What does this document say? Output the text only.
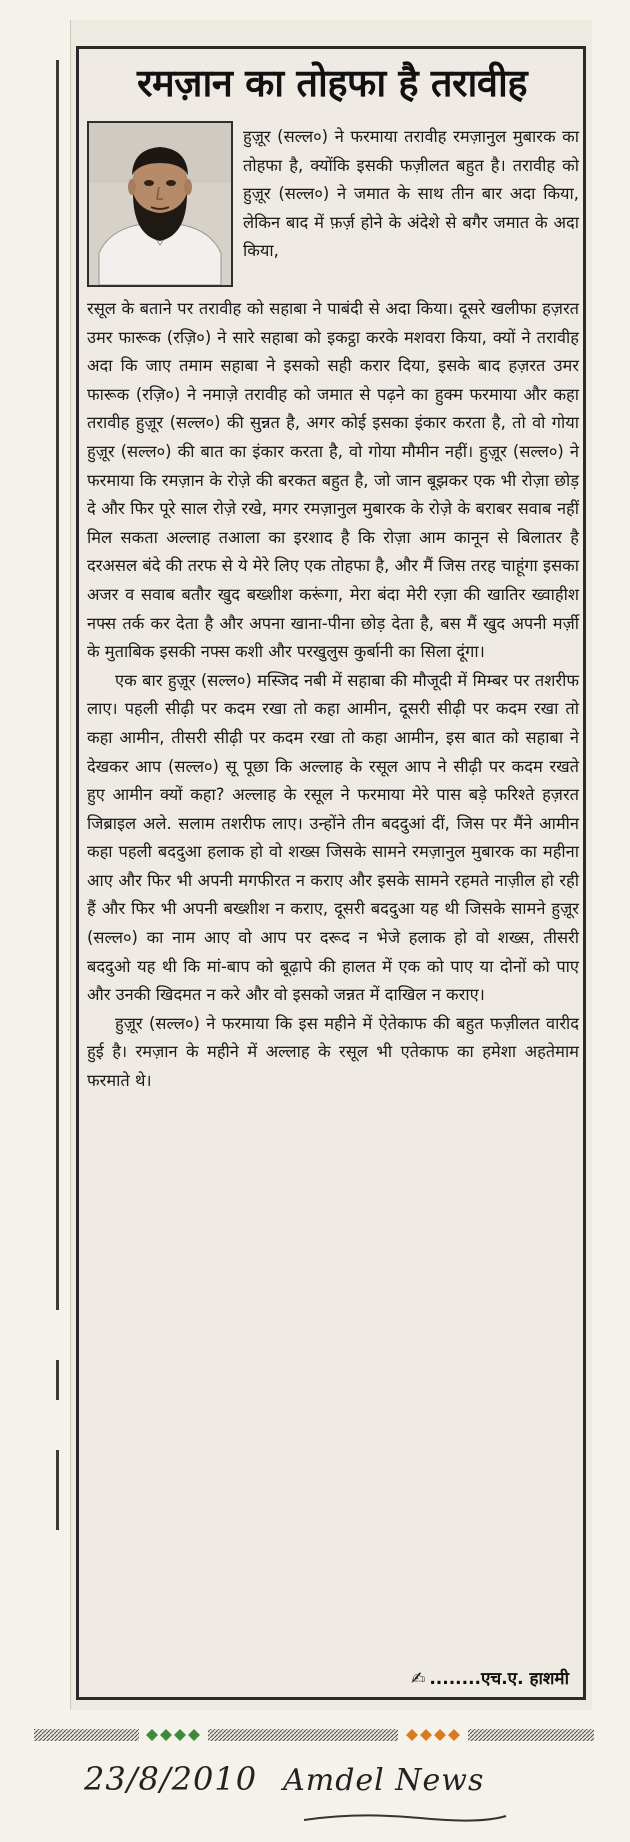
रमज़ान का तोहफा है तरावीह

हुज़ूर (सल्ल०) ने फरमाया तरावीह रमज़ानुल मुबारक का तोहफा है, क्योंकि इसकी फज़ीलत बहुत है। तरावीह को हुज़ूर (सल्ल०) ने जमात के साथ तीन बार अदा किया, लेकिन बाद में फ़र्ज़ होने के अंदेशे से बगैर जमात के अदा किया,

रसूल के बताने पर तरावीह को सहाबा ने पाबंदी से अदा किया। दूसरे खलीफा हज़रत उमर फारूक (रज़ि०) ने सारे सहाबा को इकट्ठा करके मशवरा किया, क्यों ने तरावीह अदा कि जाए तमाम सहाबा ने इसको सही करार दिया, इसके बाद हज़रत उमर फारूक (रज़ि०) ने नमाज़े तरावीह को जमात से पढ़ने का हुक्म फरमाया और कहा तरावीह हुज़ूर (सल्ल०) की सुन्नत है, अगर कोई इसका इंकार करता है, तो वो गोया हुज़ूर (सल्ल०) की बात का इंकार करता है, वो गोया मौमीन नहीं। हुज़ूर (सल्ल०) ने फरमाया कि रमज़ान के रोज़े की बरकत बहुत है, जो जान बूझकर एक भी रोज़ा छोड़ दे और फिर पूरे साल रोज़े रखे, मगर रमज़ानुल मुबारक के रोज़े के बराबर सवाब नहीं मिल सकता अल्लाह तआला का इरशाद है कि रोज़ा आम कानून से बिलातर है दरअसल बंदे की तरफ से ये मेरे लिए एक तोहफा है, और मैं जिस तरह चाहूंगा इसका अजर व सवाब बतौर खुद बख्शीश करूंगा, मेरा बंदा मेरी रज़ा की खातिर ख्वाहीश नफ्स तर्क कर देता है और अपना खाना-पीना छोड़ देता है, बस मैं खुद अपनी मर्ज़ी के मुताबिक इसकी नफ्स कशी और परखुलुस कुर्बानी का सिला दूंगा।

एक बार हुज़ूर (सल्ल०) मस्जिद नबी में सहाबा की मौजूदी में मिम्बर पर तशरीफ लाए। पहली सीढ़ी पर कदम रखा तो कहा आमीन, दूसरी सीढ़ी पर कदम रखा तो कहा आमीन, तीसरी सीढ़ी पर कदम रखा तो कहा आमीन, इस बात को सहाबा ने देखकर आप (सल्ल०) सू पूछा कि अल्लाह के रसूल आप ने सीढ़ी पर कदम रखते हुए आमीन क्यों कहा? अल्लाह के रसूल ने फरमाया मेरे पास बड़े फरिश्ते हज़रत जिब्राइल अले. सलाम तशरीफ लाए। उन्होंने तीन बददुआं दीं, जिस पर मैंने आमीन कहा पहली बददुआ हलाक हो वो शख्स जिसके सामने रमज़ानुल मुबारक का महीना आए और फिर भी अपनी मगफीरत न कराए और इसके सामने रहमते नाज़ील हो रही हैं और फिर भी अपनी बख्शीश न कराए, दूसरी बददुआ यह थी जिसके सामने हुज़ूर (सल्ल०) का नाम आए वो आप पर दरूद न भेजे हलाक हो वो शख्स, तीसरी बददुओ यह थी कि मां-बाप को बूढ़ापे की हालत में एक को पाए या दोनों को पाए और उनकी खिदमत न करे और वो इसको जन्नत में दाखिल न कराए।

हुज़ूर (सल्ल०) ने फरमाया कि इस महीने में ऐतेकाफ की बहुत फज़ीलत वारीद हुई है। रमज़ान के महीने में अल्लाह के रसूल भी एतेकाफ का हमेशा अहतेमाम फरमाते थे।

✍ ........एच.ए. हाशमी
23/8/2010 Amdel News
